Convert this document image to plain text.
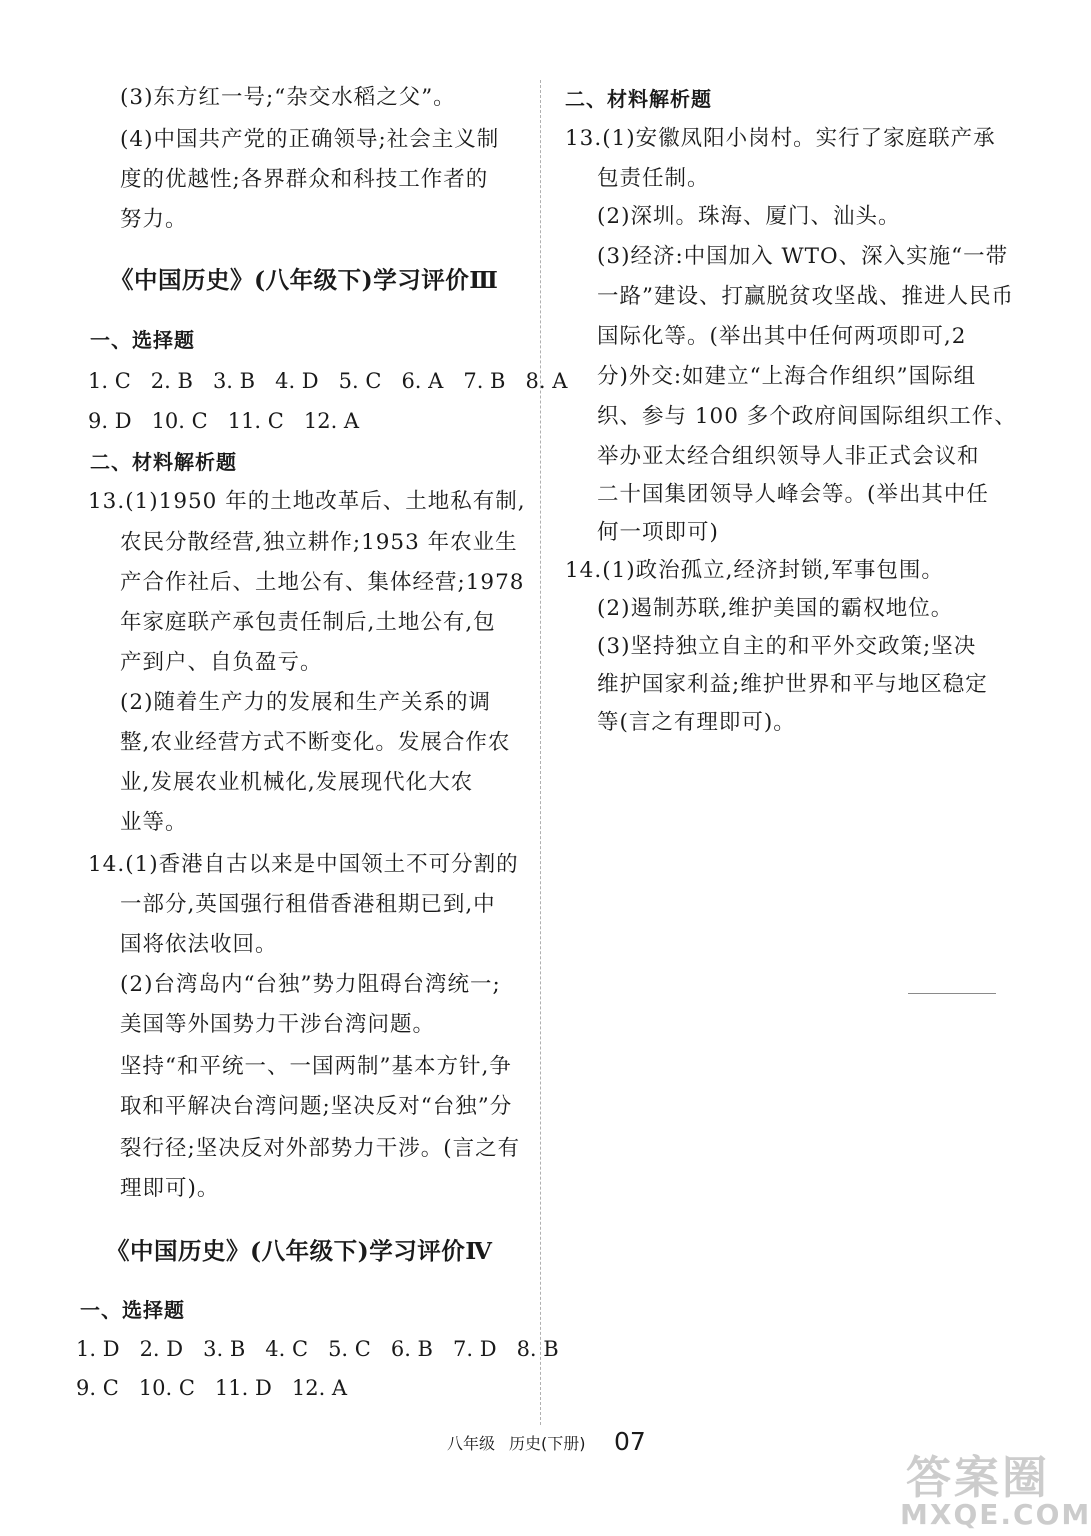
(3)东方红一号;“杂交水稻之父”。
(4)中国共产党的正确领导;社会主义制
度的优越性;各界群众和科技工作者的
努力。
《中国历史》(八年级下)学习评价Ⅲ
一、选择题
1. C 2. B 3. B 4. D 5. C 6. A 7. B 8. A
9. D 10. C 11. C 12. A
二、材料解析题
13.(1)1950 年的土地改革后、土地私有制,
农民分散经营,独立耕作;1953 年农业生
产合作社后、土地公有、集体经营;1978
年家庭联产承包责任制后,土地公有,包
产到户、自负盈亏。
(2)随着生产力的发展和生产关系的调
整,农业经营方式不断变化。发展合作农
业,发展农业机械化,发展现代化大农
业等。
14.(1)香港自古以来是中国领土不可分割的
一部分,英国强行租借香港租期已到,中
国将依法收回。
(2)台湾岛内“台独”势力阻碍台湾统一;
美国等外国势力干涉台湾问题。
坚持“和平统一、一国两制”基本方针,争
取和平解决台湾问题;坚决反对“台独”分
裂行径;坚决反对外部势力干涉。(言之有
理即可)。
《中国历史》(八年级下)学习评价Ⅳ
一、选择题
1. D 2. D 3. B 4. C 5. C 6. B 7. D 8. B
9. C 10. C 11. D 12. A
二、材料解析题
13.(1)安徽凤阳小岗村。实行了家庭联产承
包责任制。
(2)深圳。珠海、厦门、汕头。
(3)经济:中国加入 WTO、深入实施“一带
一路”建设、打赢脱贫攻坚战、推进人民币
国际化等。(举出其中任何两项即可,2
分)外交:如建立“上海合作组织”国际组
织、参与 100 多个政府间国际组织工作、
举办亚太经合组织领导人非正式会议和
二十国集团领导人峰会等。(举出其中任
何一项即可)
14.(1)政治孤立,经济封锁,军事包围。
(2)遏制苏联,维护美国的霸权地位。
(3)坚持独立自主的和平外交政策;坚决
维护国家利益;维护世界和平与地区稳定
等(言之有理即可)。
八年级 历史(下册)	07
答案圈
MXQE.COM
